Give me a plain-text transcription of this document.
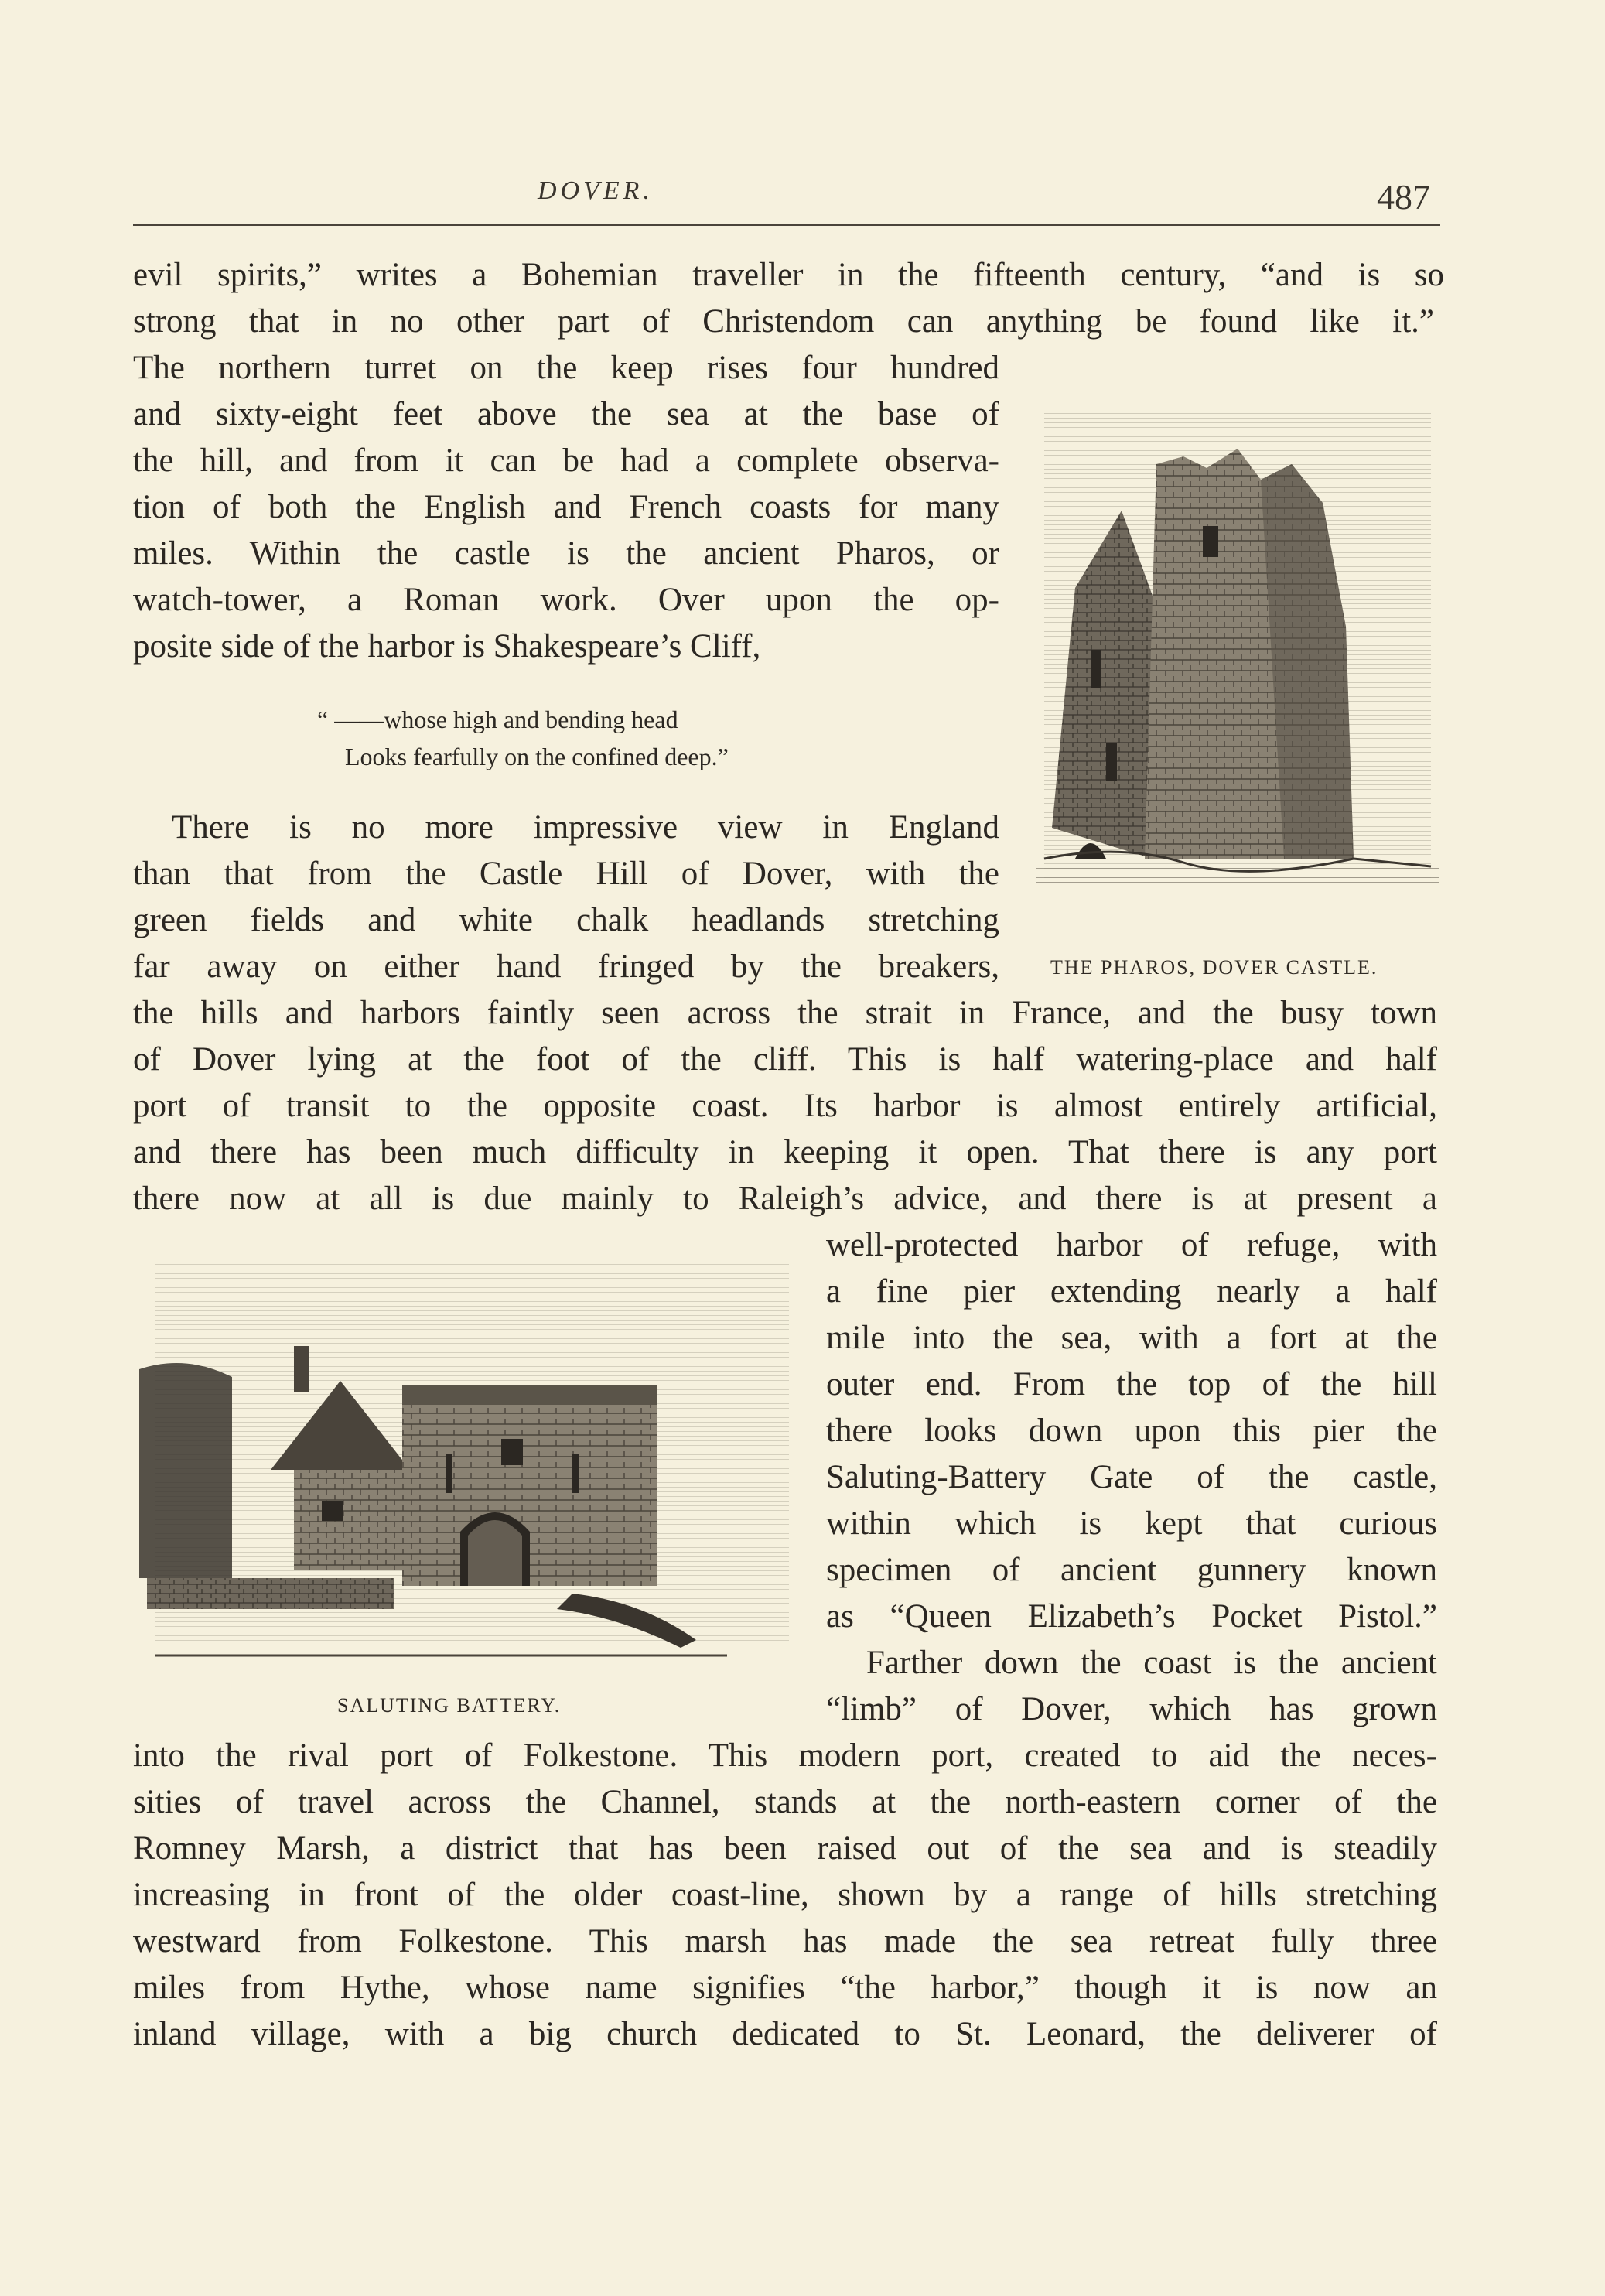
DOVER.	487
evil spirits,” writes a Bohemian traveller in the fifteenth century, “and is so
strong that in no other part of Christendom can anything be found like it.”
The northern turret on the keep rises four hundred
and sixty-eight feet above the sea at the base of
the hill, and from it can be had a complete observa-
tion of both the English and French coasts for many
miles. Within the castle is the ancient Pharos, or
watch-tower, a Roman work. Over upon the op-
posite side of the harbor is Shakespeare’s Cliff,
“ ——whose high and bending head
Looks fearfully on the confined deep.”
There is no more impressive view in England
than that from the Castle Hill of Dover, with the
green fields and white chalk headlands stretching
far away on either hand fringed by the breakers,	THE PHAROS, DOVER CASTLE.
the hills and harbors faintly seen across the strait in France, and the busy town
of Dover lying at the foot of the cliff. This is half watering-place and half
port of transit to the opposite coast. Its harbor is almost entirely artificial,
and there has been much difficulty in keeping it open. That there is any port
there now at all is due mainly to Raleigh’s advice, and there is at present a
SALUTING BATTERY.
well-protected harbor of refuge, with
a fine pier extending nearly a half
mile into the sea, with a fort at the
outer end. From the top of the hill
there looks down upon this pier the
Saluting-Battery Gate of the castle,
within which is kept that curious
specimen of ancient gunnery known
as “Queen Elizabeth’s Pocket Pistol.”
Farther down the coast is the ancient
“limb” of Dover, which has grown
into the rival port of Folkestone. This modern port, created to aid the neces-
sities of travel across the Channel, stands at the north-eastern corner of the
Romney Marsh, a district that has been raised out of the sea and is steadily
increasing in front of the older coast-line, shown by a range of hills stretching
westward from Folkestone. This marsh has made the sea retreat fully three
miles from Hythe, whose name signifies “the harbor,” though it is now an
inland village, with a big church dedicated to St. Leonard, the deliverer of
